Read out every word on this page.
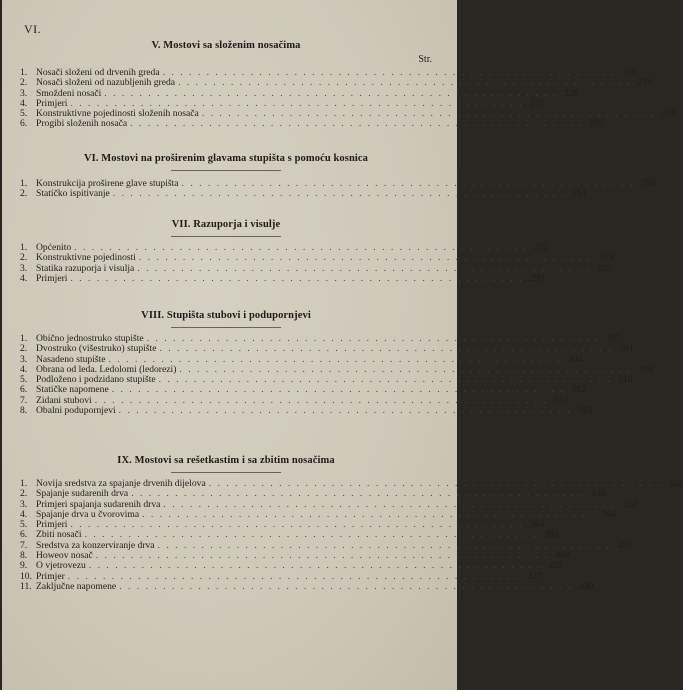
VI.
V. Mostovi sa složenim nosačima
Str.
1. Nosači složeni od drvenih greda . . . . . . . . . . . . . . . . . . . . . . . . . . . . . . . . . . . . . . . . . . . . . . . . . . . . 218
2. Nosači složeni od nazubljenih greda . . . . . . . . . . . . . . . . . . . . . . . . . . . . . . . . . . . . . . . . . . . . . . . . . . . . 219
3. Smoždeni nosači . . . . . . . . . . . . . . . . . . . . . . . . . . . . . . . . . . . . . . . . . . . . . . . . . . . . 226
4. Primjeri . . . . . . . . . . . . . . . . . . . . . . . . . . . . . . . . . . . . . . . . . . . . . . . . . . . . 237
5. Konstruktivne pojedinosti složenih nosača . . . . . . . . . . . . . . . . . . . . . . . . . . . . . . . . . . . . . . . . . . . . . . . . . . . . 250
6. Progibi složenih nosača . . . . . . . . . . . . . . . . . . . . . . . . . . . . . . . . . . . . . . . . . . . . . . . . . . . . 255
VI. Mostovi na proširenim glavama stupišta s pomoću kosnica
1. Konstrukcija proširene glave stupišta . . . . . . . . . . . . . . . . . . . . . . . . . . . . . . . . . . . . . . . . . . . . . . . . . . . . 258
2. Statičko ispitivanje . . . . . . . . . . . . . . . . . . . . . . . . . . . . . . . . . . . . . . . . . . . . . . . . . . . . 262
VII. Razuporja i visulje
1. Općenito . . . . . . . . . . . . . . . . . . . . . . . . . . . . . . . . . . . . . . . . . . . . . . . . . . . . 272
2. Konstruktivne pojedinosti . . . . . . . . . . . . . . . . . . . . . . . . . . . . . . . . . . . . . . . . . . . . . . . . . . . . 275
3. Statika razuporja i visulja . . . . . . . . . . . . . . . . . . . . . . . . . . . . . . . . . . . . . . . . . . . . . . . . . . . . 282
4. Primjeri . . . . . . . . . . . . . . . . . . . . . . . . . . . . . . . . . . . . . . . . . . . . . . . . . . . . 290
VIII. Stupišta stubovi i podupornjevi
1. Obično jednostruko stupište . . . . . . . . . . . . . . . . . . . . . . . . . . . . . . . . . . . . . . . . . . . . . . . . . . . . 297
2. Dvostruko (višestruko) stupište . . . . . . . . . . . . . . . . . . . . . . . . . . . . . . . . . . . . . . . . . . . . . . . . . . . . 301
3. Nasadeno stupište . . . . . . . . . . . . . . . . . . . . . . . . . . . . . . . . . . . . . . . . . . . . . . . . . . . . 304
4. Obrana od leda. Ledolomi (ledorezi) . . . . . . . . . . . . . . . . . . . . . . . . . . . . . . . . . . . . . . . . . . . . . . . . . . . . 308
5. Podloženo i podzidano stupište . . . . . . . . . . . . . . . . . . . . . . . . . . . . . . . . . . . . . . . . . . . . . . . . . . . . 310
6. Statičke napomene . . . . . . . . . . . . . . . . . . . . . . . . . . . . . . . . . . . . . . . . . . . . . . . . . . . . 312
7. Zidani stubovi . . . . . . . . . . . . . . . . . . . . . . . . . . . . . . . . . . . . . . . . . . . . . . . . . . . . 318
8. Obalni podupornjevi . . . . . . . . . . . . . . . . . . . . . . . . . . . . . . . . . . . . . . . . . . . . . . . . . . . . 321
IX. Mostovi sa rešetkastim i sa zbitim nosačima
1. Novija sredstva za spajanje drvenih dijelova . . . . . . . . . . . . . . . . . . . . . . . . . . . . . . . . . . . . . . . . . . . . . . . . . . . . 332
2. Spajanje sudarenih drva . . . . . . . . . . . . . . . . . . . . . . . . . . . . . . . . . . . . . . . . . . . . . . . . . . . . 346
3. Primjeri spajanja sudarenih drva . . . . . . . . . . . . . . . . . . . . . . . . . . . . . . . . . . . . . . . . . . . . . . . . . . . . 350
4. Spajanje drva u čvorovima . . . . . . . . . . . . . . . . . . . . . . . . . . . . . . . . . . . . . . . . . . . . . . . . . . . . 356
5. Primjeri . . . . . . . . . . . . . . . . . . . . . . . . . . . . . . . . . . . . . . . . . . . . . . . . . . . . 364
6. Zbiti nosači . . . . . . . . . . . . . . . . . . . . . . . . . . . . . . . . . . . . . . . . . . . . . . . . . . . . 385
7. Sredstva za konzerviranje drva . . . . . . . . . . . . . . . . . . . . . . . . . . . . . . . . . . . . . . . . . . . . . . . . . . . . 407
8. Howeov nosač . . . . . . . . . . . . . . . . . . . . . . . . . . . . . . . . . . . . . . . . . . . . . . . . . . . . 409
9. O vjetrovezu . . . . . . . . . . . . . . . . . . . . . . . . . . . . . . . . . . . . . . . . . . . . . . . . . . . . 425
10. Primjer . . . . . . . . . . . . . . . . . . . . . . . . . . . . . . . . . . . . . . . . . . . . . . . . . . . . 427
11. Zaključne napomene . . . . . . . . . . . . . . . . . . . . . . . . . . . . . . . . . . . . . . . . . . . . . . . . . . . . 439
